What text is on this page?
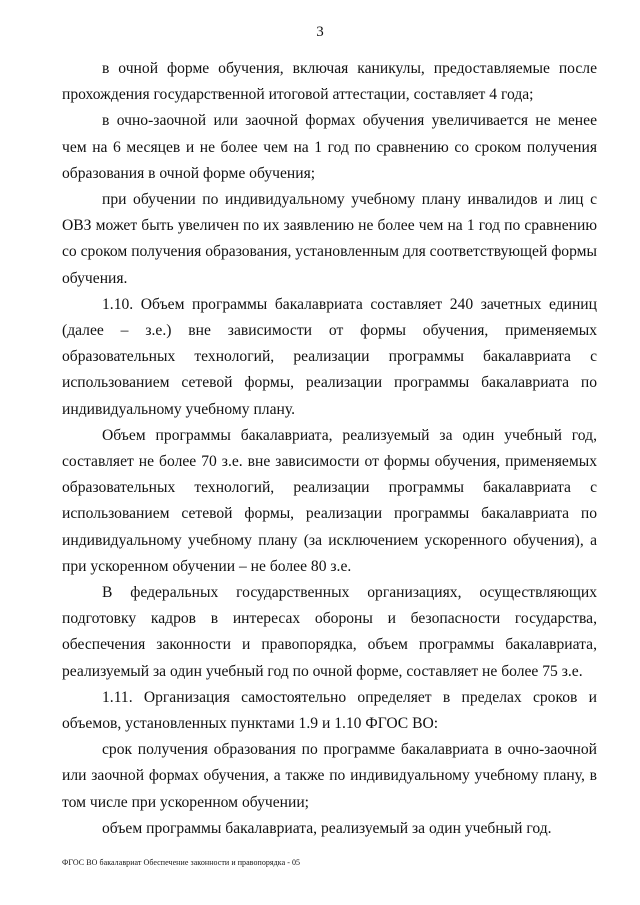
3

в очной форме обучения, включая каникулы, предоставляемые после прохождения государственной итоговой аттестации, составляет 4 года;

в очно-заочной или заочной формах обучения увеличивается не менее чем на 6 месяцев и не более чем на 1 год по сравнению со сроком получения образования в очной форме обучения;

при обучении по индивидуальному учебному плану инвалидов и лиц с ОВЗ может быть увеличен по их заявлению не более чем на 1 год по сравнению со сроком получения образования, установленным для соответствующей формы обучения.

1.10. Объем программы бакалавриата составляет 240 зачетных единиц (далее – з.е.) вне зависимости от формы обучения, применяемых образовательных технологий, реализации программы бакалавриата с использованием сетевой формы, реализации программы бакалавриата по индивидуальному учебному плану.

Объем программы бакалавриата, реализуемый за один учебный год, составляет не более 70 з.е. вне зависимости от формы обучения, применяемых образовательных технологий, реализации программы бакалавриата с использованием сетевой формы, реализации программы бакалавриата по индивидуальному учебному плану (за исключением ускоренного обучения), а при ускоренном обучении – не более 80 з.е.

В федеральных государственных организациях, осуществляющих подготовку кадров в интересах обороны и безопасности государства, обеспечения законности и правопорядка, объем программы бакалавриата, реализуемый за один учебный год по очной форме, составляет не более 75 з.е.

1.11. Организация самостоятельно определяет в пределах сроков и объемов, установленных пунктами 1.9 и 1.10 ФГОС ВО:

срок получения образования по программе бакалавриата в очно-заочной или заочной формах обучения, а также по индивидуальному учебному плану, в том числе при ускоренном обучении;

объем программы бакалавриата, реализуемый за один учебный год.

ФГОС ВО бакалавриат Обеспечение законности и правопорядка - 05
